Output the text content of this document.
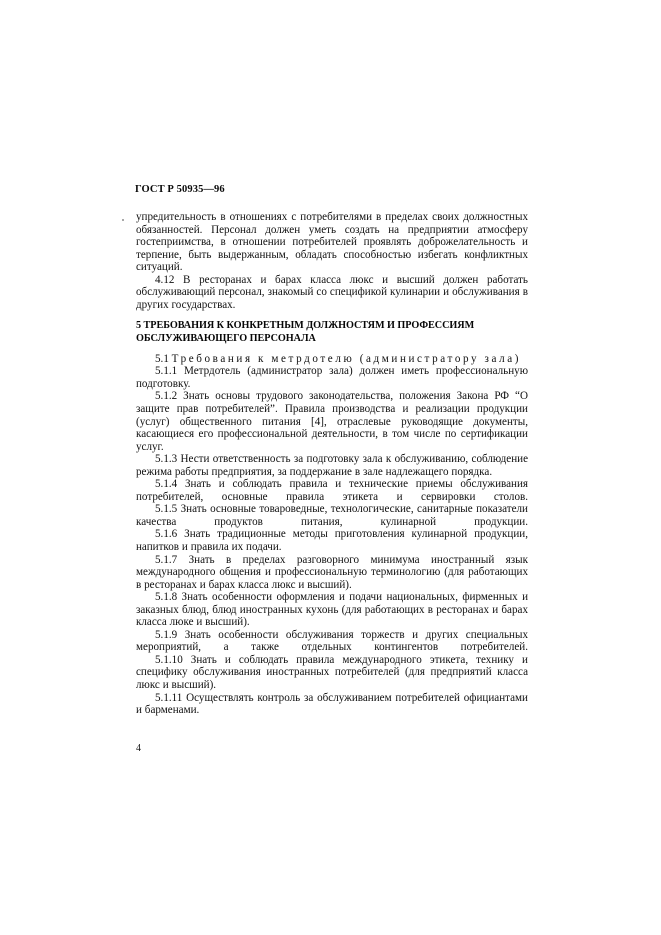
ГОСТ Р 50935—96

упредительность в отношениях с потребителями в пределах своих должностных обязанностей. Персонал должен уметь создать на предприятии атмосферу гостеприимства, в отношении потребителей проявлять доброжелательность и терпение, быть выдержанным, обладать способностью избегать конфликтных ситуаций.

4.12 В ресторанах и барах класса люкс и высший должен работать обслуживающий персонал, знакомый со спецификой кулинарии и обслуживания в других государствах.

5 ТРЕБОВАНИЯ К КОНКРЕТНЫМ ДОЛЖНОСТЯМ И ПРОФЕССИЯМ
ОБСЛУЖИВАЮЩЕГО ПЕРСОНАЛА

5.1 Требования к метрдотелю (администратору зала)

5.1.1 Метрдотель (администратор зала) должен иметь профессиональную подготовку.

5.1.2 Знать основы трудового законодательства, положения Закона РФ “О защите прав потребителей”. Правила производства и реализации продукции (услуг) общественного питания [4], отраслевые руководящие документы, касающиеся его профессиональной деятельности, в том числе по сертификации услуг.

5.1.3 Нести ответственность за подготовку зала к обслуживанию, соблюдение режима работы предприятия, за поддержание в зале надлежащего порядка.

5.1.4 Знать и соблюдать правила и технические приемы обслуживания потребителей, основные правила этикета и сервировки столов.

5.1.5 Знать основные товароведные, технологические, санитарные показатели качества продуктов питания, кулинарной продукции.

5.1.6 Знать традиционные методы приготовления кулинарной продукции, напитков и правила их подачи.

5.1.7 Знать в пределах разговорного минимума иностранный язык международного общения и профессиональную терминологию (для работающих в ресторанах и барах класса люкс и высший).

5.1.8 Знать особенности оформления и подачи национальных, фирменных и заказных блюд, блюд иностранных кухонь (для работающих в ресторанах и барах класса люке и высший).

5.1.9 Знать особенности обслуживания торжеств и других специальных мероприятий, а также отдельных контингентов потребителей.

5.1.10 Знать и соблюдать правила международного этикета, технику и специфику обслуживания иностранных потребителей (для предприятий класса люкс и высший).

5.1.11 Осуществлять контроль за обслуживанием потребителей официантами и барменами.

4
